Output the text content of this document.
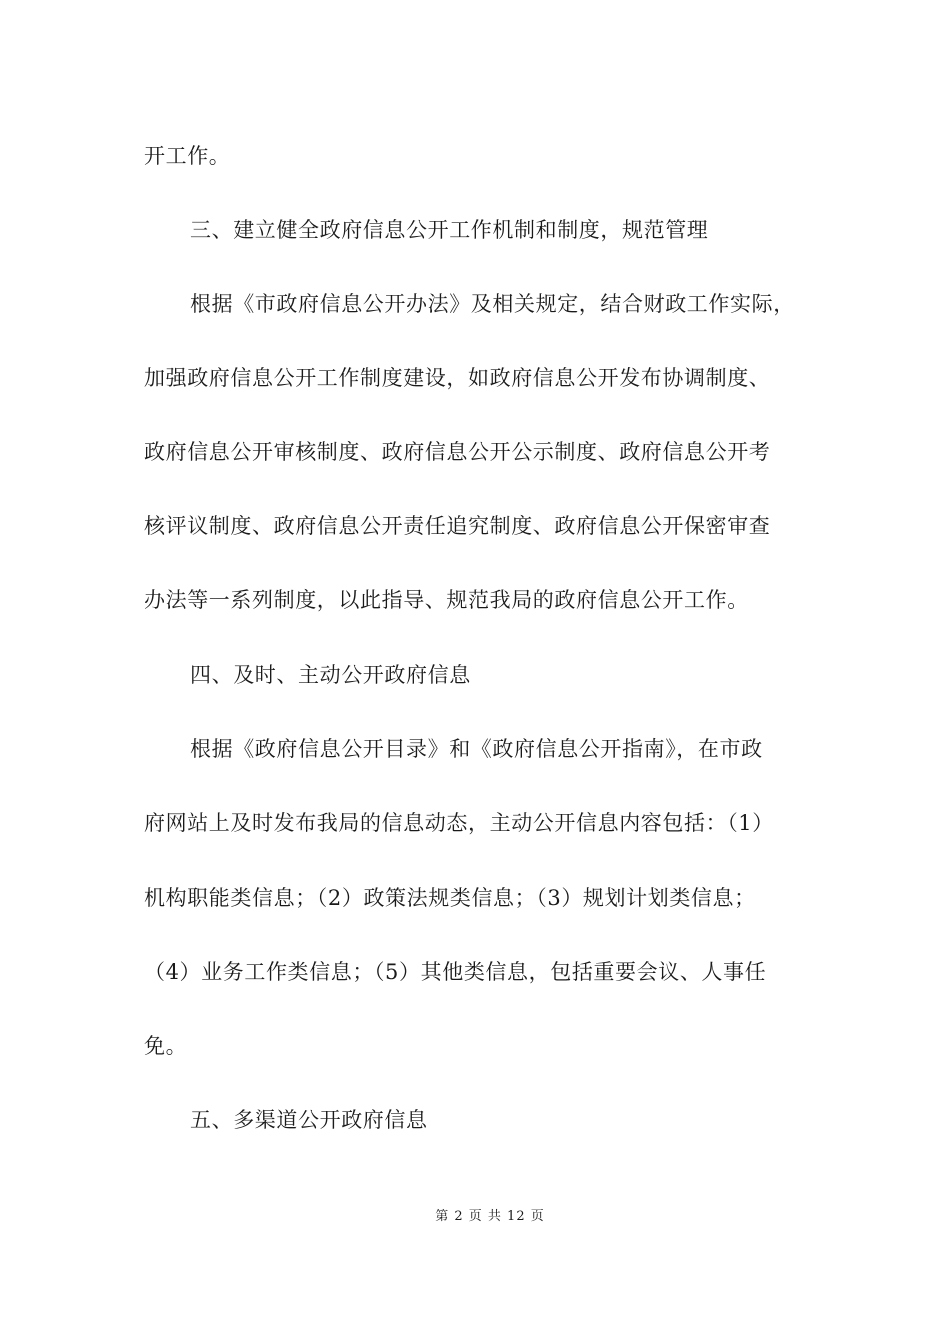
开工作。
三、建立健全政府信息公开工作机制和制度，规范管理
根据《市政府信息公开办法》及相关规定，结合财政工作实际，
加强政府信息公开工作制度建设，如政府信息公开发布协调制度、
政府信息公开审核制度、政府信息公开公示制度、政府信息公开考
核评议制度、政府信息公开责任追究制度、政府信息公开保密审查
办法等一系列制度，以此指导、规范我局的政府信息公开工作。
四、及时、主动公开政府信息
根据《政府信息公开目录》和《政府信息公开指南》，在市政
府网站上及时发布我局的信息动态，主动公开信息内容包括：（1）
机构职能类信息；（2）政策法规类信息；（3）规划计划类信息；
（4）业务工作类信息；（5）其他类信息，包括重要会议、人事任
免。
五、多渠道公开政府信息
第 2 页 共 12 页
